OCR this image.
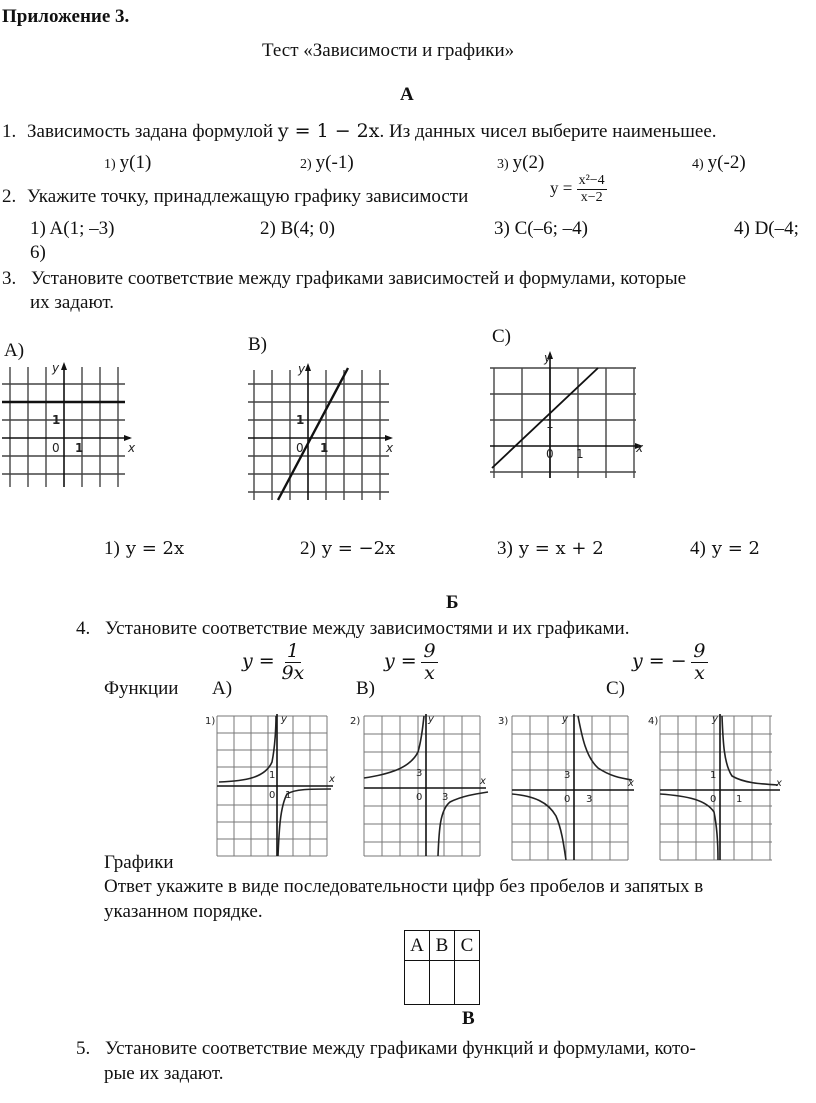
Приложение 3.
Тест «Зависимости и графики»
А
1. Зависимость задана формулой y = 1 − 2x. Из данных чисел выберите наименьшее.
1) y(1)	2) y(-1)	3) y(2)	4) y(-2)
2. Укажите точку, принадлежащую графику зависимости	$y = \frac{\text{x²−4}}{x-2}$
1) A(1; –3)	2) B(4; 0)	3) C(–6; –4)	4) D(–4;
6)
3. Установите соответствие между графиками зависимостей и формулами, которые
их задают.
А)	В)	С)
y
x
0 1
1
y
x
0 1
1
y
x
0 1
1
1) y = 2x	2) y = −2x	3) y = x + 2	4) y = 2
Б
4. Установите соответствие между зависимостями и их графиками.
Функции А)
$y = \frac{1}{9x}$
В)
$y = \frac{9}{x}$
С)
y = − $\frac{9}{x}$
1)
1
0 1
y
x
2)
3
0 3
y
x
3)
3
0 3
y
x
4)
1
0 1
y
x
Графики
Ответ укажите в виде последовательности цифр без пробелов и запятых в
указанном порядке.
А	В	С

В
5. Установите соответствие между графиками функций и формулами, кото-
рые их задают.
